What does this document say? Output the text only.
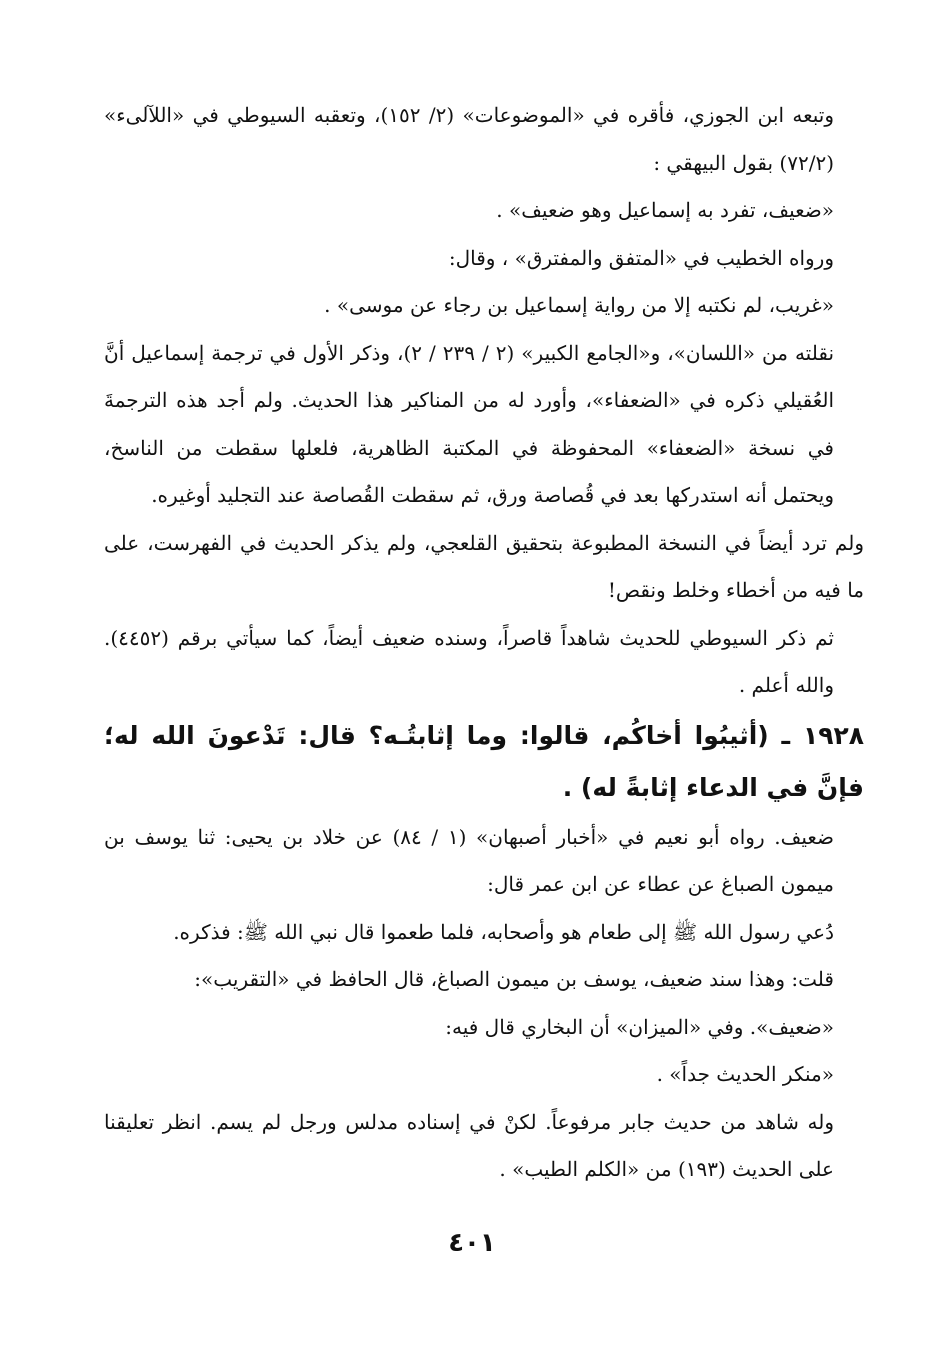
وتبعه ابن الجوزي، فأقره في «الموضوعات» (٢/ ١٥٢)، وتعقبه السيوطي في «اللآلىء» (٧٢/٢) بقول البيهقي :

«ضعيف، تفرد به إسماعيل وهو ضعيف» .

ورواه الخطيب في «المتفق والمفترق» ، وقال:

«غريب، لم نكتبه إلا من رواية إسماعيل بن رجاء عن موسى» .

نقلته من «اللسان»، و«الجامع الكبير» (٢ / ٢٣٩ / ٢)، وذكر الأول في ترجمة إسماعيل أنَّ العُقيلي ذكره في «الضعفاء»، وأورد له من المناكير هذا الحديث. ولم أجد هذه الترجمةَ في نسخة «الضعفاء» المحفوظة في المكتبة الظاهرية، فلعلها سقطت من الناسخ، ويحتمل أنه استدركها بعد في قُصاصة ورق، ثم سقطت القُصاصة عند التجليد أوغيره.

ولم ترد أيضاً في النسخة المطبوعة بتحقيق القلعجي، ولم يذكر الحديث في الفهرست، على ما فيه من أخطاء وخلط ونقص!

ثم ذكر السيوطي للحديث شاهداً قاصراً، وسنده ضعيف أيضاً، كما سيأتي برقم (٤٤٥٢). والله أعلم .

١٩٢٨ ـ (أثيبُوا أخاكُم، قالوا: وما إثابتُـه؟ قال: تَدْعونَ الله له؛ فإنَّ في الدعاء إثابةً له) .

ضعيف. رواه أبو نعيم في «أخبار أصبهان» (١ / ٨٤) عن خلاد بن يحيى: ثنا يوسف بن ميمون الصباغ عن عطاء عن ابن عمر قال:

دُعي رسول الله ﷺ إلى طعام هو وأصحابه، فلما طعموا قال نبي الله ﷺ: فذكره.

قلت: وهذا سند ضعيف، يوسف بن ميمون الصباغ، قال الحافظ في «التقريب»:

«ضعيف». وفي «الميزان» أن البخاري قال فيه:

«منكر الحديث جداً» .

وله شاهد من حديث جابر مرفوعاً. لكنْ في إسناده مدلس ورجل لم يسم. انظر تعليقنا على الحديث (١٩٣) من «الكلم الطيب» .

٤٠١
